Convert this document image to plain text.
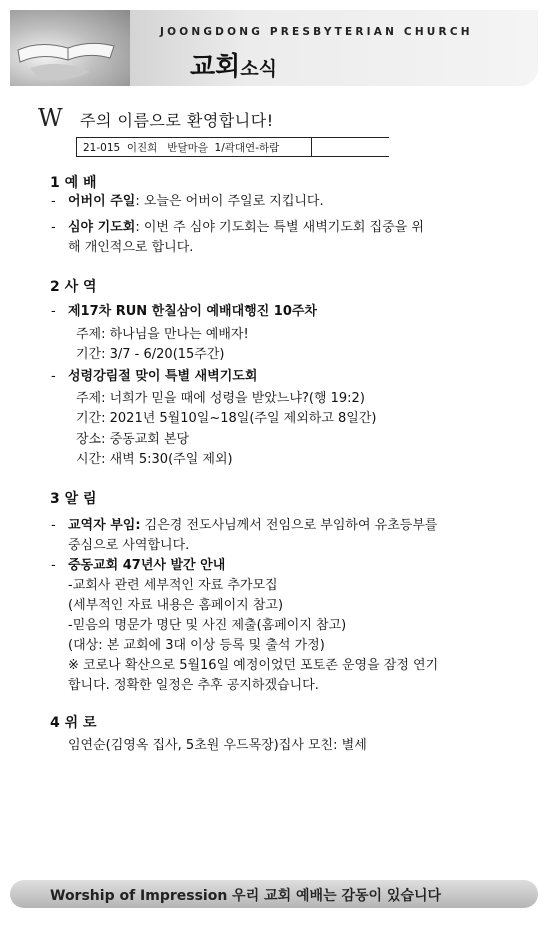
JOONGDONG PRESBYTERIAN CHURCH
교회소식
W 주의 이름으로 환영합니다!
21-015  이진희   반달마을  1/곽대연-하람
1 예 배
- 어버이 주일: 오늘은 어버이 주일로 지킵니다.
- 심야 기도회: 이번 주 심야 기도회는 특별 새벽기도회 집중을 위
해 개인적으로 합니다.
2 사 역
- 제17차 RUN 한칠삼이 예배대행진 10주차
주제: 하나님을 만나는 예배자!
기간: 3/7 - 6/20(15주간)
- 성령강림절 맞이 특별 새벽기도회
주제: 너희가 믿을 때에 성령을 받았느냐?(행 19:2)
기간: 2021년 5월10일~18일(주일 제외하고 8일간)
장소: 중동교회 본당
시간: 새벽 5:30(주일 제외)
3 알 림
- 교역자 부임: 김은경 전도사님께서 전임으로 부임하여 유초등부를
중심으로 사역합니다.
- 중동교회 47년사 발간 안내
-교회사 관련 세부적인 자료 추가모집
(세부적인 자료 내용은 홈페이지 참고)
-믿음의 명문가 명단 및 사진 제출(홈페이지 참고)
(대상: 본 교회에 3대 이상 등록 및 출석 가정)
※ 코로나 확산으로 5월16일 예정이었던 포토존 운영을 잠정 연기
합니다. 정확한 일정은 추후 공지하겠습니다.
4 위 로
임연순(김영옥 집사, 5초원 우드목장)집사 모친: 별세
Worship of Impression 우리 교회 예배는 감동이 있습니다
